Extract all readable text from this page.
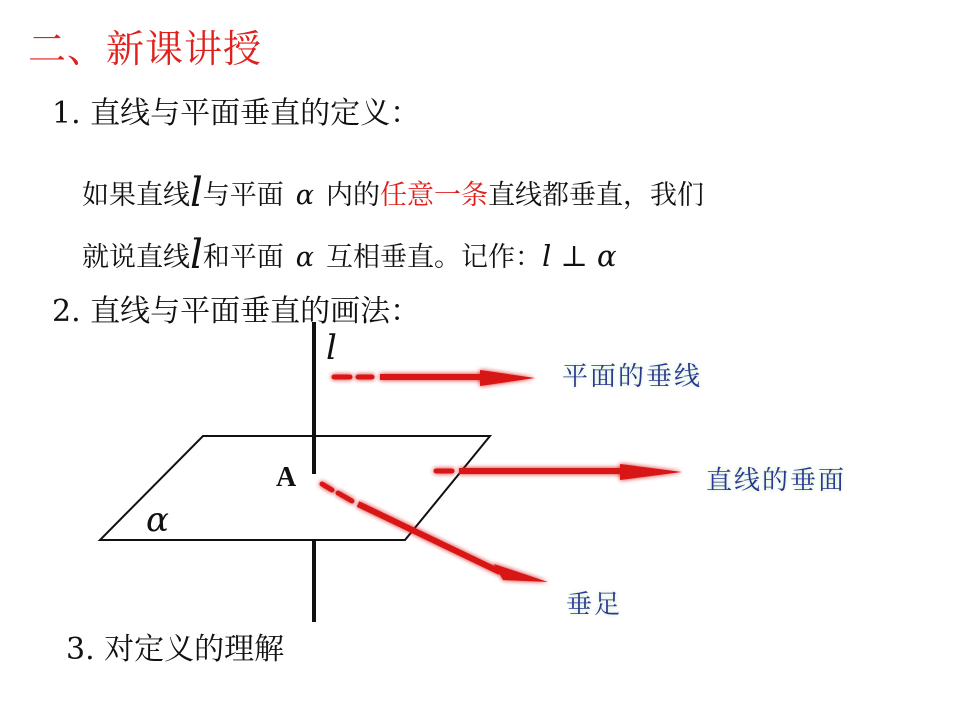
二、新课讲授
1. 直线与平面垂直的定义：
如果直线l与平面 α 内的任意一条直线都垂直，我们
就说直线l和平面 α 互相垂直。记作：l ⊥ α
2. 直线与平面垂直的画法：
l
α
A
平面的垂线
直线的垂面
垂足
3. 对定义的理解
